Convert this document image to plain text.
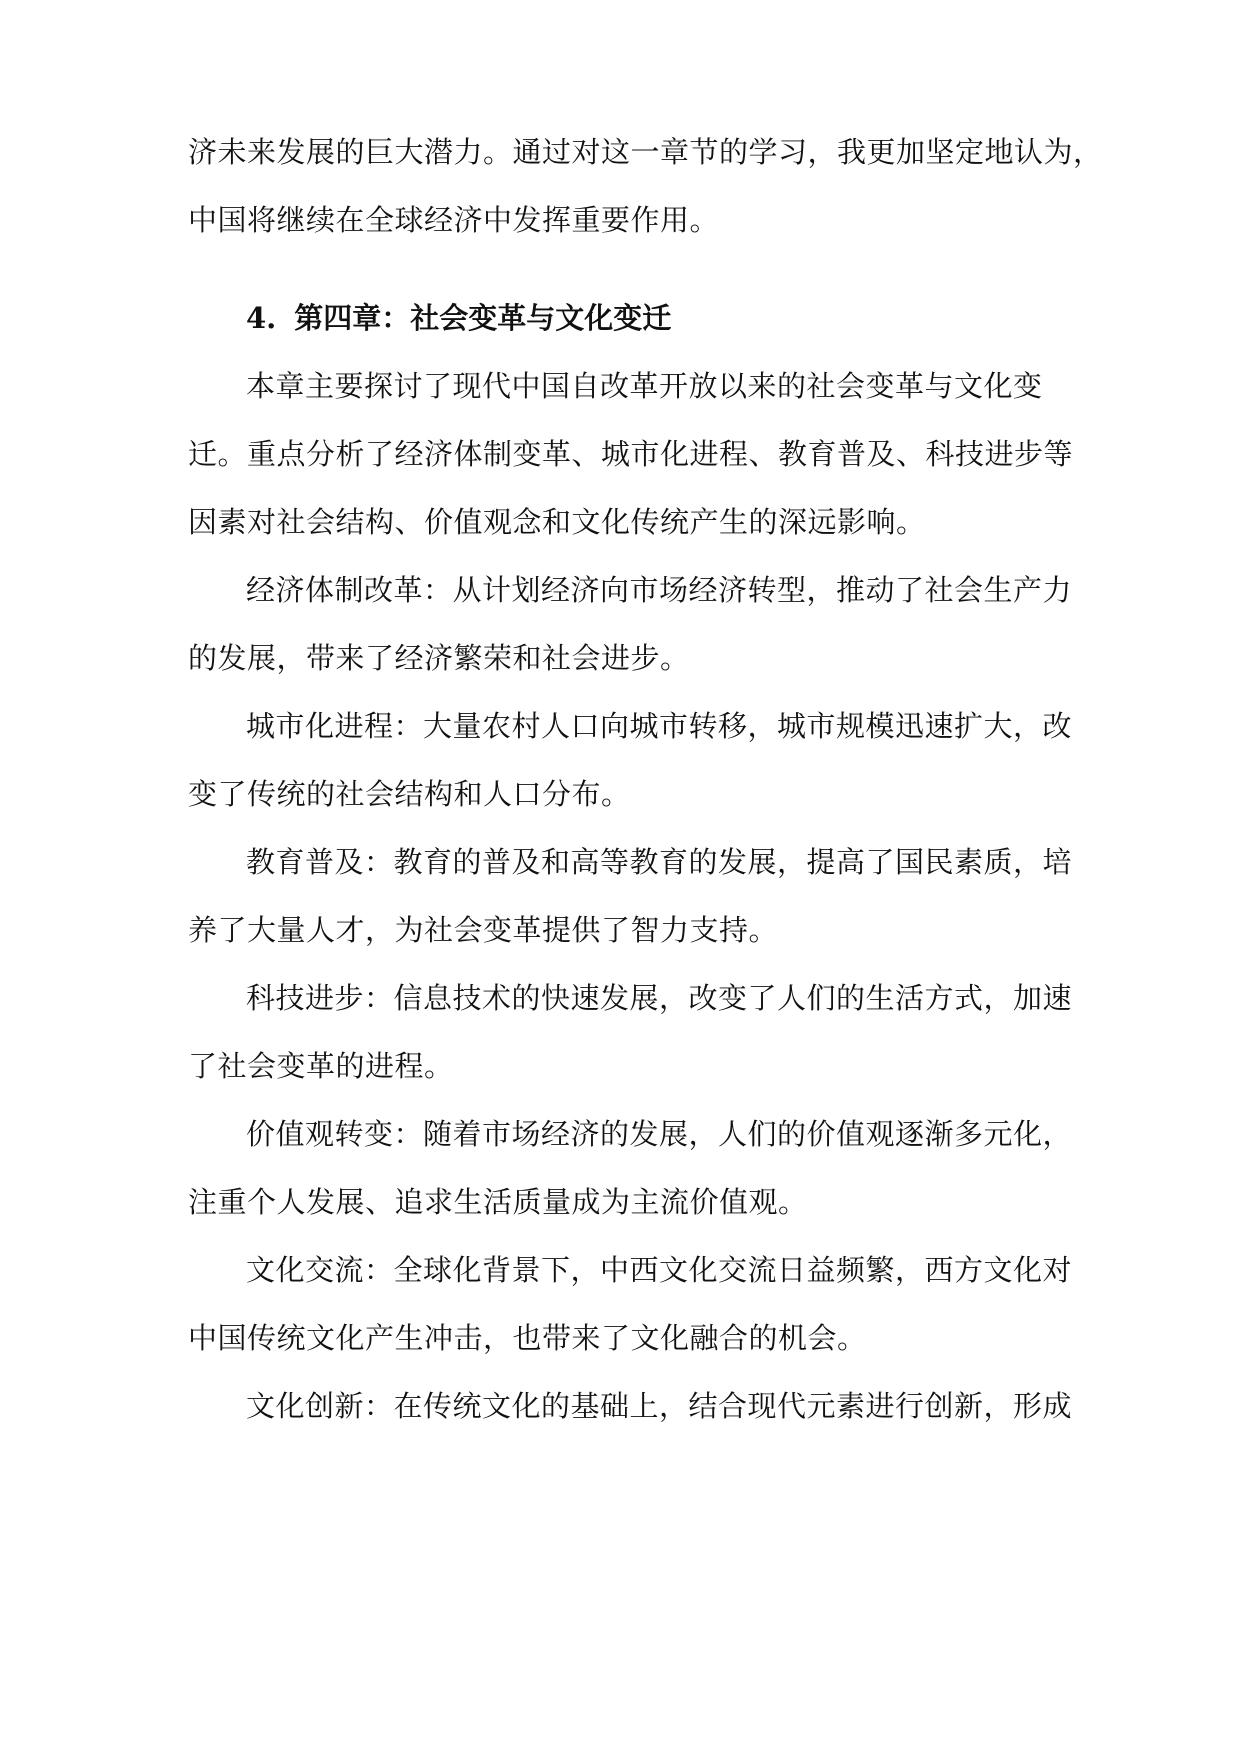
济未来发展的巨大潜力。通过对这一章节的学习，我更加坚定地认为，
中国将继续在全球经济中发挥重要作用。
4. 第四章：社会变革与文化变迁
本章主要探讨了现代中国自改革开放以来的社会变革与文化变
迁。重点分析了经济体制变革、城市化进程、教育普及、科技进步等
因素对社会结构、价值观念和文化传统产生的深远影响。
经济体制改革：从计划经济向市场经济转型，推动了社会生产力
的发展，带来了经济繁荣和社会进步。
城市化进程：大量农村人口向城市转移，城市规模迅速扩大，改
变了传统的社会结构和人口分布。
教育普及：教育的普及和高等教育的发展，提高了国民素质，培
养了大量人才，为社会变革提供了智力支持。
科技进步：信息技术的快速发展，改变了人们的生活方式，加速
了社会变革的进程。
价值观转变：随着市场经济的发展，人们的价值观逐渐多元化，
注重个人发展、追求生活质量成为主流价值观。
文化交流：全球化背景下，中西文化交流日益频繁，西方文化对
中国传统文化产生冲击，也带来了文化融合的机会。
文化创新：在传统文化的基础上，结合现代元素进行创新，形成
